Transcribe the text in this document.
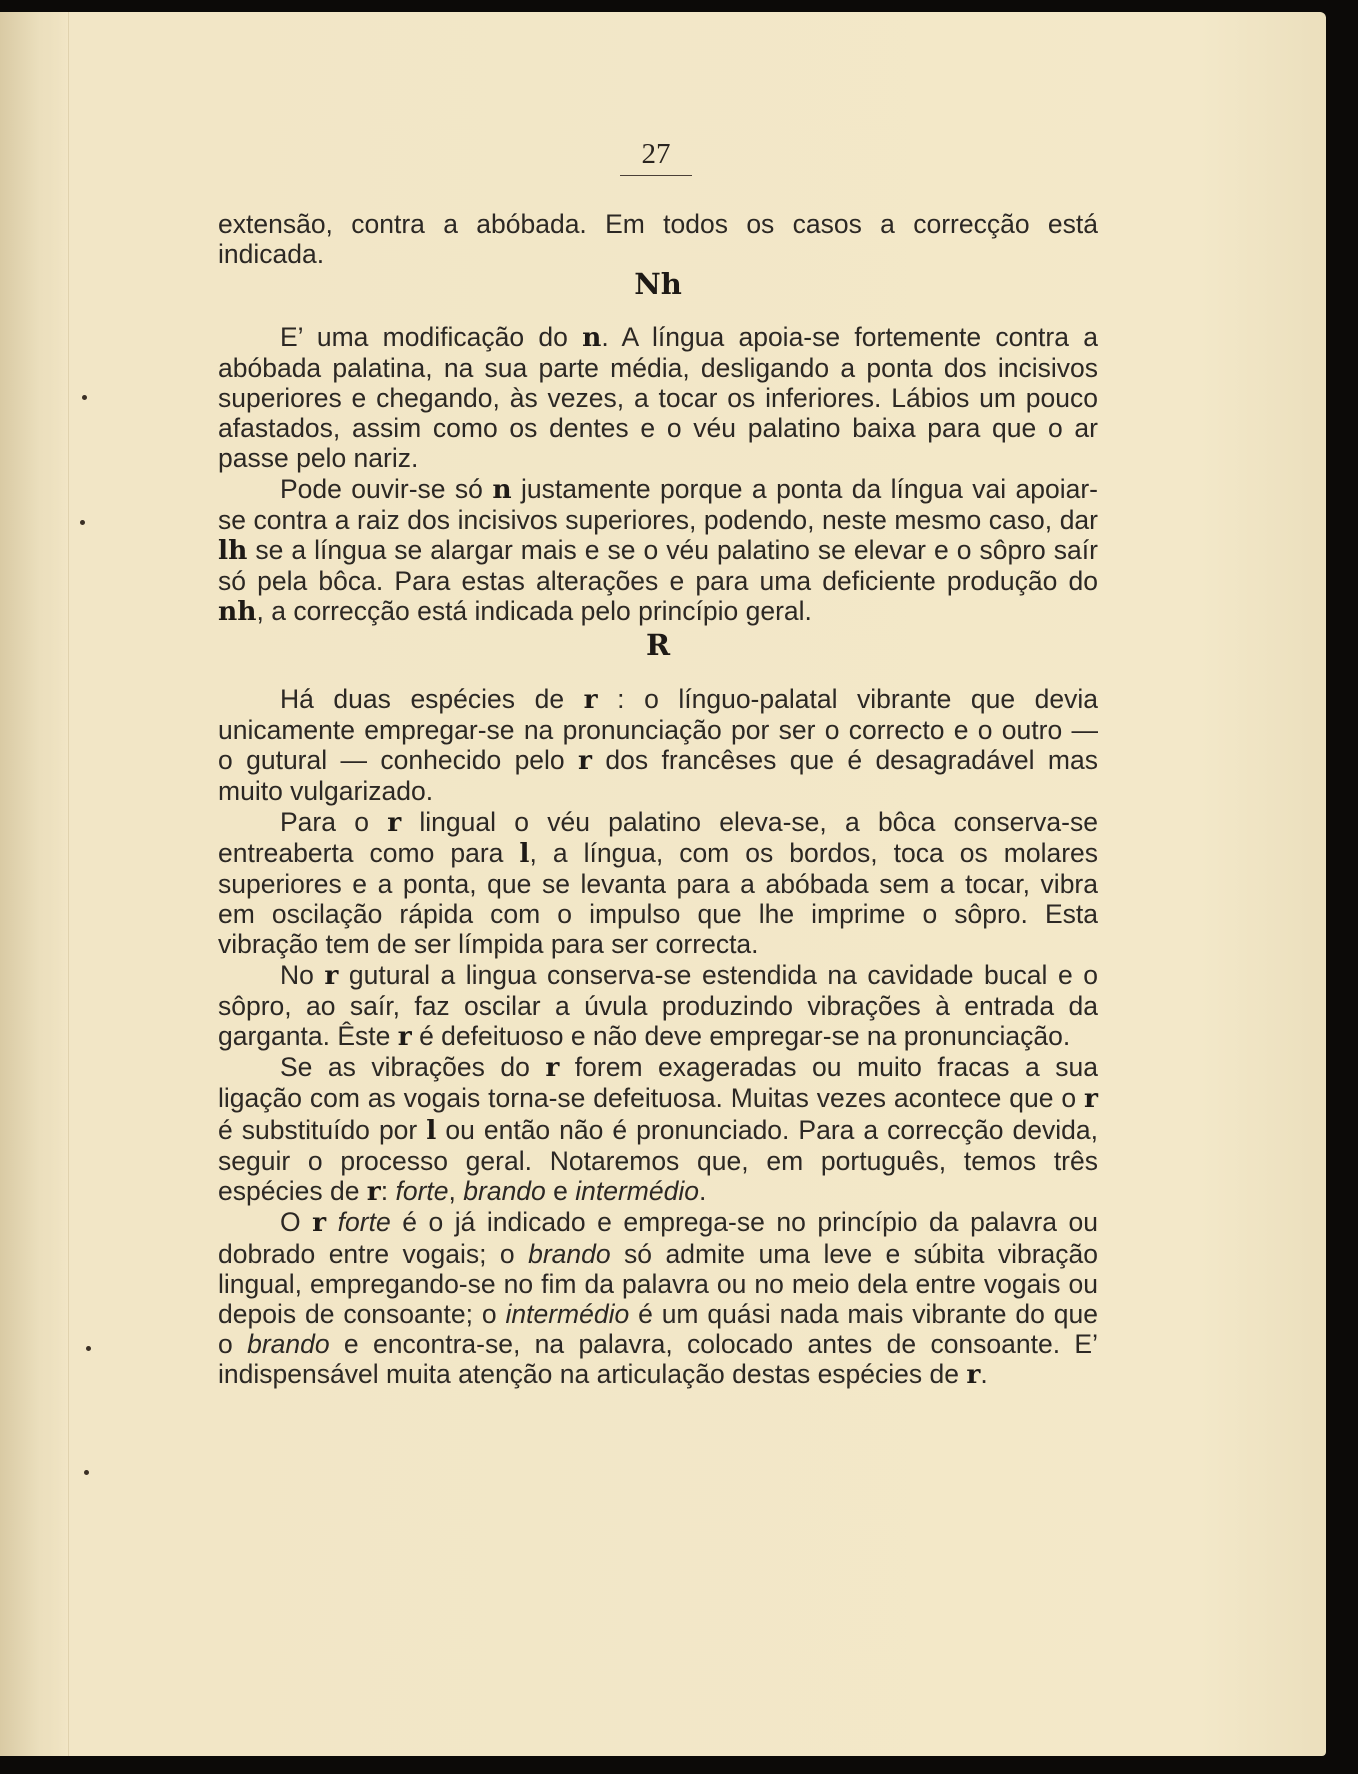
27

extensão, contra a abóbada. Em todos os casos a correcção está indicada.

Nh

E’ uma modificação do n. A língua apoia-se fortemente contra a abóbada palatina, na sua parte média, desligando a ponta dos incisivos superiores e chegando, às vezes, a tocar os inferiores. Lábios um pouco afastados, assim como os dentes e o véu palatino baixa para que o ar passe pelo nariz.

Pode ouvir-se só n justamente porque a ponta da língua vai apoiar-se contra a raiz dos incisivos superiores, podendo, neste mesmo caso, dar lh se a língua se alargar mais e se o véu palatino se elevar e o sôpro saír só pela bôca. Para estas alterações e para uma deficiente produção do nh, a correcção está indicada pelo princípio geral.

R

Há duas espécies de r : o línguo-palatal vibrante que devia unicamente empregar-se na pronunciação por ser o correcto e o outro — o gutural — conhecido pelo r dos francêses que é desagradável mas muito vulgarizado.

Para o r lingual o véu palatino eleva-se, a bôca conserva-se entreaberta como para l, a língua, com os bordos, toca os molares superiores e a ponta, que se levanta para a abóbada sem a tocar, vibra em oscilação rápida com o impulso que lhe imprime o sôpro. Esta vibração tem de ser límpida para ser correcta.

No r gutural a lingua conserva-se estendida na cavidade bucal e o sôpro, ao saír, faz oscilar a úvula produzindo vibrações à entrada da garganta. Êste r é defeituoso e não deve empregar-se na pronunciação.

Se as vibrações do r forem exageradas ou muito fracas a sua ligação com as vogais torna-se defeituosa. Muitas vezes acontece que o r é substituído por l ou então não é pronunciado. Para a correcção devida, seguir o processo geral. Notaremos que, em português, temos três espécies de r: forte, brando e intermédio.

O r forte é o já indicado e emprega-se no princípio da palavra ou dobrado entre vogais; o brando só admite uma leve e súbita vibração lingual, empregando-se no fim da palavra ou no meio dela entre vogais ou depois de consoante; o intermédio é um quási nada mais vibrante do que o brando e encontra-se, na palavra, colocado antes de consoante. E’ indispensável muita atenção na articulação destas espécies de r.
